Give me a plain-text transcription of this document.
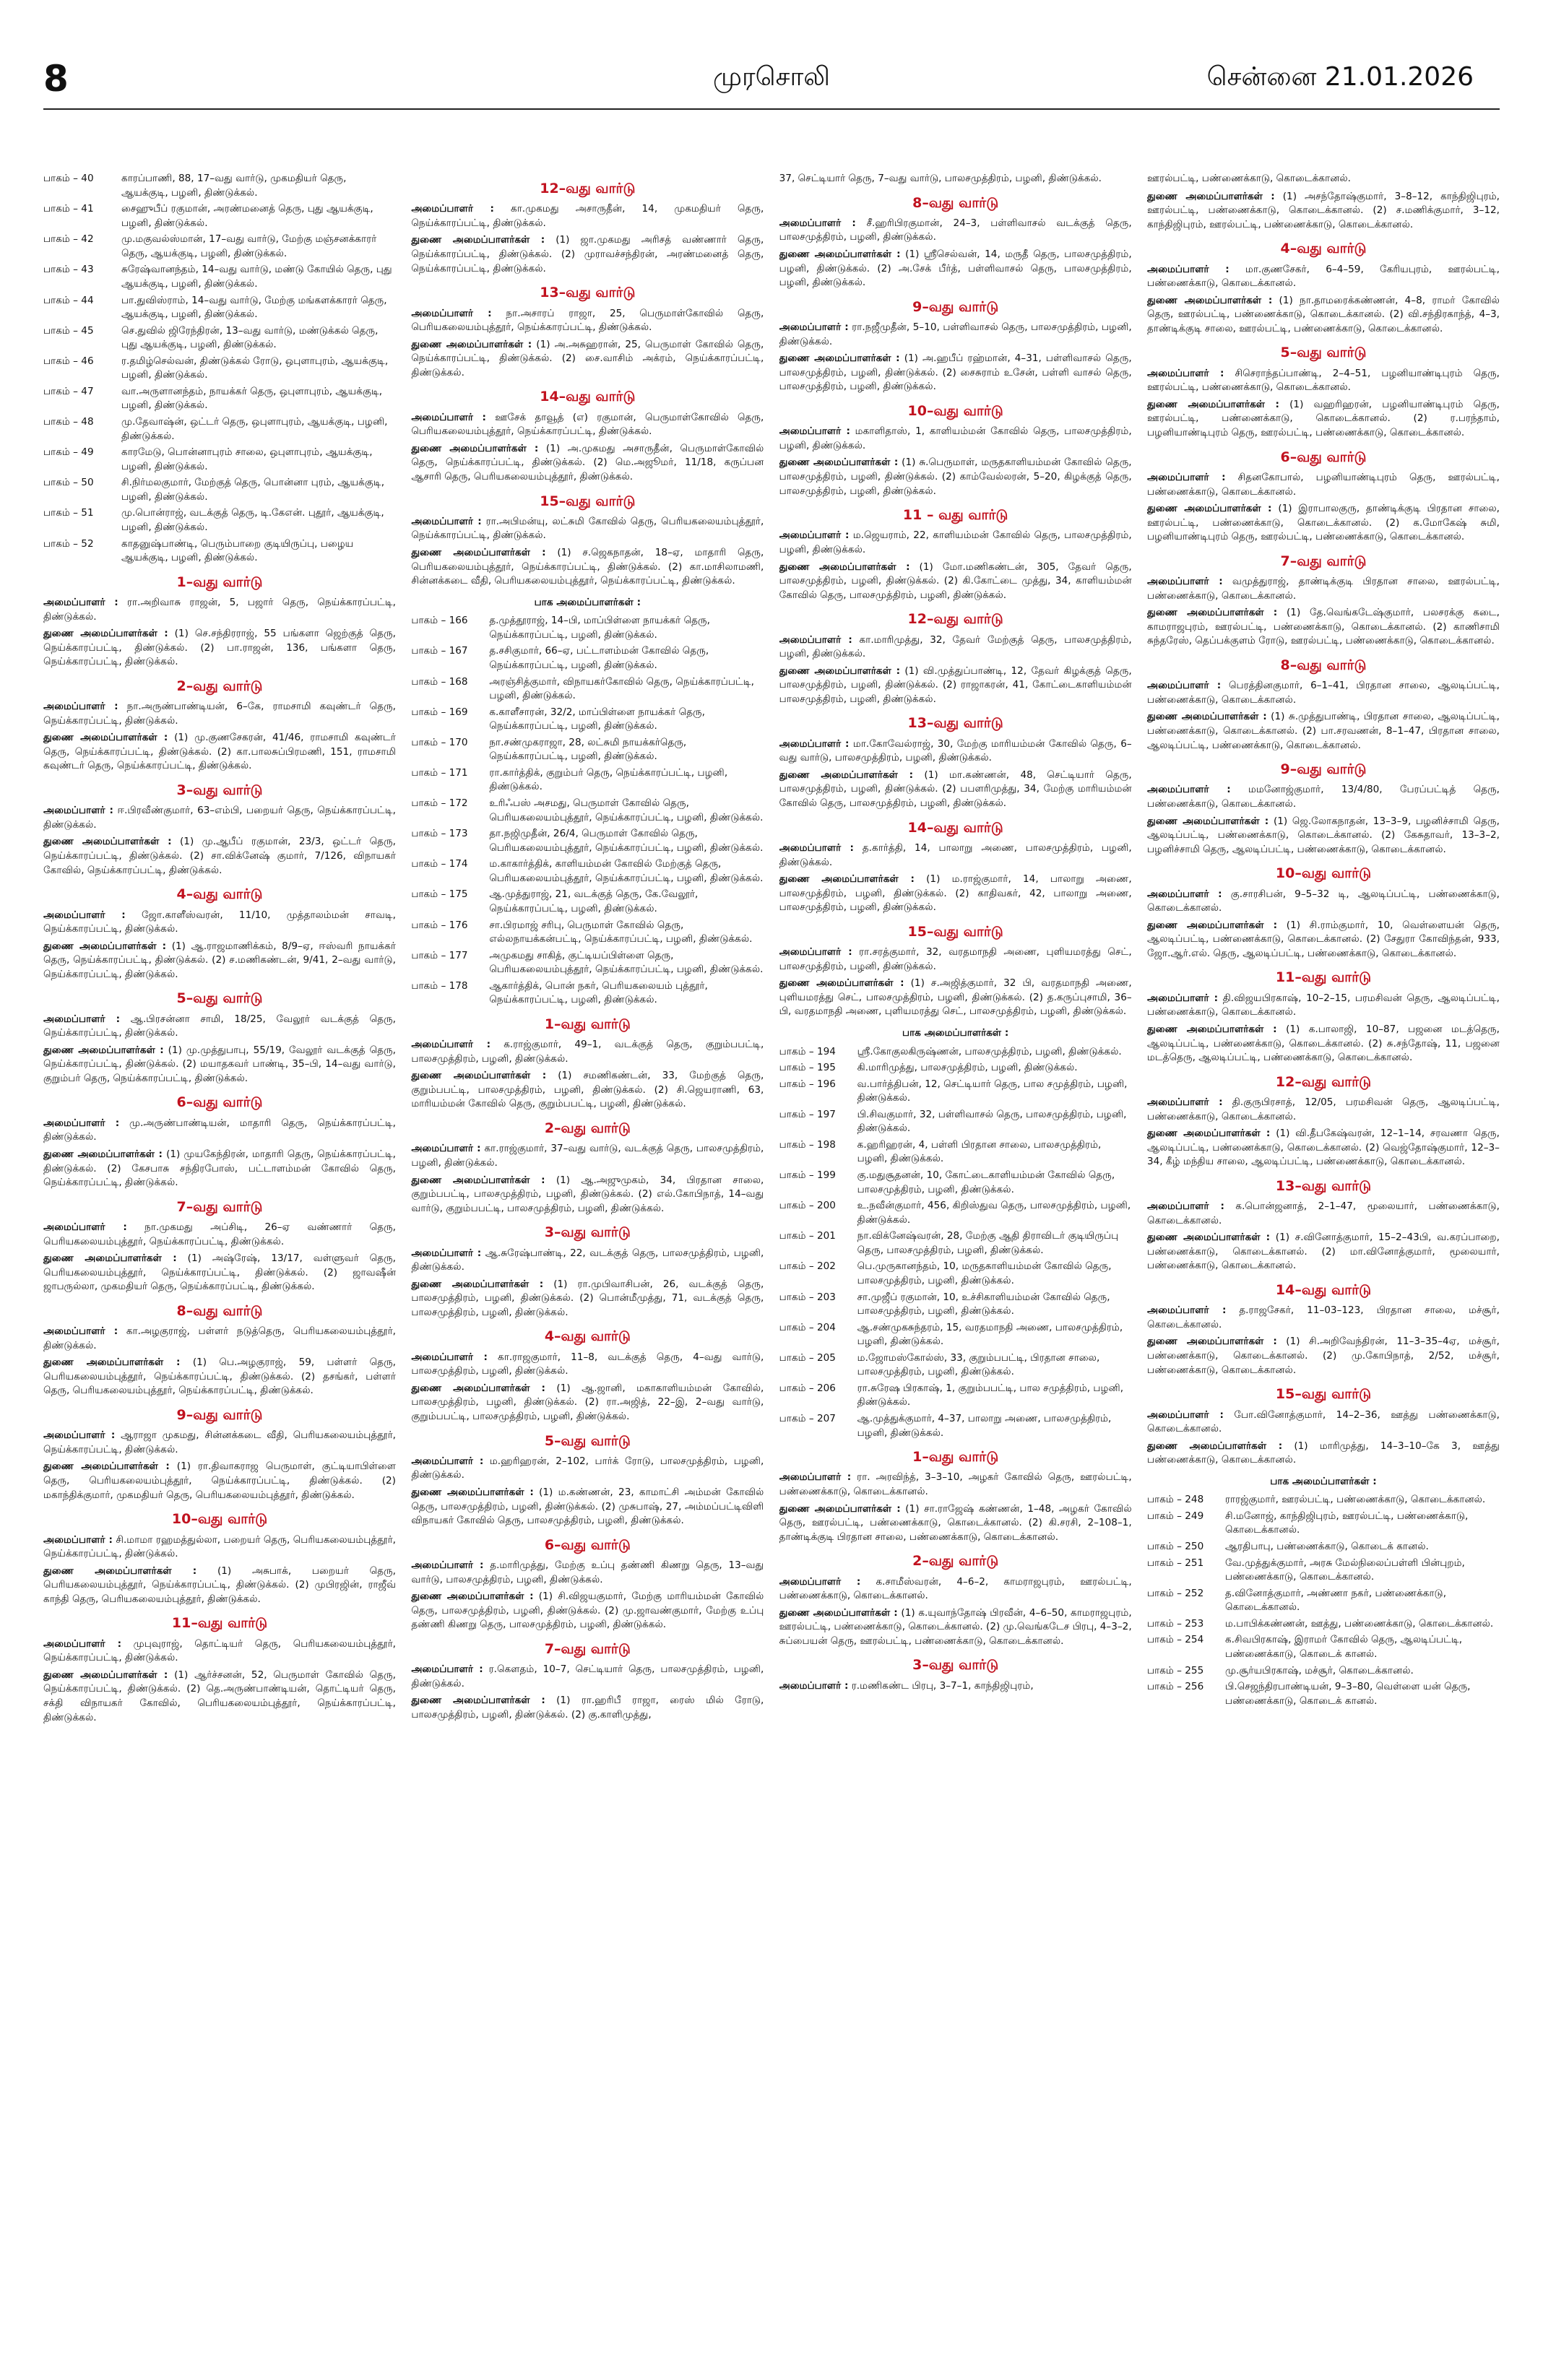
8	முரசொலி	சென்னை 21.01.2026
பாகம் – 40	காரப்பாணி, 88, 17–வது வார்டு, முகமதியர் தெரு, ஆயக்குடி, பழனி, திண்டுக்கல்.
பாகம் – 41	சைஹுபீப் ரகுமான், அரண்மனைத் தெரு, புது ஆயக்குடி, பழனி, திண்டுக்கல்.
பாகம் – 42	மு.மகுவல்ஸ்மான், 17–வது வார்டு, மேற்கு மஞ்சனக்காரர் தெரு, ஆயக்குடி, பழனி, திண்டுக்கல்.
பாகம் – 43	சுரேஷ்வானந்தம், 14–வது வார்டு, மண்டு கோயில் தெரு, புது ஆயக்குடி, பழனி, திண்டுக்கல்.
பாகம் – 44	பா.துவிஸ்ராம், 14–வது வார்டு, மேற்கு மங்களக்காரர் தெரு, ஆயக்குடி, பழனி, திண்டுக்கல்.
பாகம் – 45	செ.துவில் ஜிரேந்திரன், 13–வது வார்டு, மண்டுக்கல் தெரு, புது ஆயக்குடி, பழனி, திண்டுக்கல்.
பாகம் – 46	ர.தமிழ்செல்வன், திண்டுக்கல் ரோடு, ஒபுளாபுரம், ஆயக்குடி, பழனி, திண்டுக்கல்.
பாகம் – 47	வா.அருளானந்தம், நாயக்கர் தெரு, ஒபுளாபுரம், ஆயக்குடி, பழனி, திண்டுக்கல்.
பாகம் – 48	மு.தேவாஷ்ன், ஒட்டர் தெரு, ஒபுளாபுரம், ஆயக்குடி, பழனி, திண்டுக்கல்.
பாகம் – 49	காரமேடு, பொன்னாபுரம் சாலை, ஒபுளாபுரம், ஆயக்குடி, பழனி, திண்டுக்கல்.
பாகம் – 50	சி.நிர்மலகுமார், மேற்குத் தெரு, பொன்னா புரம், ஆயக்குடி, பழனி, திண்டுக்கல்.
பாகம் – 51	மு.பொன்ராஜ், வடக்குத் தெரு, டி.கேஎன். புதூர், ஆயக்குடி, பழனி, திண்டுக்கல்.
பாகம் – 52	காதனுஷ்பாண்டி, பெரும்பாறை குடியிருப்பு, பழைய ஆயக்குடி, பழனி, திண்டுக்கல்.
1–வது வார்டு

அமைப்பாளர் : ரா.அறிவாசு ராஜன், 5, பஜார் தெரு, நெய்க்காரப்பட்டி, திண்டுக்கல்.

துணை அமைப்பாளர்கள் : (1) செ.சந்திரராஜ், 55 பங்களா ஜெற்குத் தெரு, நெய்க்காரப்பட்டி, திண்டுக்கல். (2) பா.ராஜன், 136, பங்களா தெரு, நெய்க்காரப்பட்டி, திண்டுக்கல்.

2–வது வார்டு

அமைப்பாளர் : நா.அருண்பாண்டியன், 6–கே, ராமசாமி கவுண்டர் தெரு, நெய்க்காரப்பட்டி, திண்டுக்கல்.

துணை அமைப்பாளர்கள் : (1) மு.குணசேகரன், 41/46, ராமசாமி கவுண்டர் தெரு, நெய்க்காரப்பட்டி, திண்டுக்கல். (2) கா.பாலசுப்பிரமணி, 151, ராமசாமி கவுண்டர் தெரு, நெய்க்காரப்பட்டி, திண்டுக்கல்.

3–வது வார்டு

அமைப்பாளர் : ஈ.பிரவீண்குமார், 63–எம்பி, பறையர் தெரு, நெய்க்காரப்பட்டி, திண்டுக்கல்.

துணை அமைப்பாளர்கள் : (1) மு.ஆபீப் ரகுமான், 23/3, ஒட்டர் தெரு, நெய்க்காரப்பட்டி, திண்டுக்கல். (2) சா.விக்னேஷ் குமார், 7/126, விநாயகர் கோவில், நெய்க்காரப்பட்டி, திண்டுக்கல்.

4–வது வார்டு

அமைப்பாளர் : ஜோ.காளீஸ்வரன், 11/10, முத்தாலம்மன் சாவடி, நெய்க்காரப்பட்டி, திண்டுக்கல்.

துணை அமைப்பாளர்கள் : (1) ஆ.ராஜமாணிக்கம், 8/9–ஏ, ஈஸ்வரி நாயக்கர் தெரு, நெய்க்காரப்பட்டி, திண்டுக்கல். (2) ச.மணிகண்டன், 9/41, 2–வது வார்டு, நெய்க்காரப்பட்டி, திண்டுக்கல்.

5–வது வார்டு

அமைப்பாளர் : ஆ.பிரசன்னா சாமி, 18/25, வேலூர் வடக்குத் தெரு, நெய்க்காரப்பட்டி, திண்டுக்கல்.

துணை அமைப்பாளர்கள் : (1) மு.முத்துபாபு, 55/19, வேலூர் வடக்குத் தெரு, நெய்க்காரப்பட்டி, திண்டுக்கல். (2) மயாதகவர் பாண்டி, 35–பி, 14–வது வார்டு, குறும்பர் தெரு, நெய்க்காரப்பட்டி, திண்டுக்கல்.

6–வது வார்டு

அமைப்பாளர் : மு.அருண்பாண்டியன், மாதாரி தெரு, நெய்க்காரப்பட்டி, திண்டுக்கல்.

துணை அமைப்பாளர்கள் : (1) முயகேந்திரன், மாதாரி தெரு, நெய்க்காரப்பட்டி, திண்டுக்கல். (2) கேசபாசு சந்திரபோஸ், பட்டாளம்மன் கோவில் தெரு, நெய்க்காரப்பட்டி, திண்டுக்கல்.

7–வது வார்டு

அமைப்பாளர் : நா.முகமது அப்சிடி, 26–ஏ வண்ணார் தெரு, பெரியகலையம்புத்தூர், நெய்க்காரப்பட்டி, திண்டுக்கல்.

துணை அமைப்பாளர்கள் : (1) அஷ்ரேஷ், 13/17, வள்ளுவர் தெரு, பெரியகலையம்புத்தூர், நெய்க்காரப்பட்டி, திண்டுக்கல். (2) ஜாவஷீன் ஜாபருல்லா, முகமதியர் தெரு, நெய்க்காரப்பட்டி, திண்டுக்கல்.

8–வது வார்டு

அமைப்பாளர் : கா.அழகுராஜ், பள்ளர் நடுத்தெரு, பெரியகலையம்புத்தூர், திண்டுக்கல்.

துணை அமைப்பாளர்கள் : (1) பெ.அழகுராஜ், 59, பள்ளர் தெரு, பெரியகலையம்புத்தூர், நெய்க்காரப்பட்டி, திண்டுக்கல். (2) தசங்கர், பள்ளர் தெரு, பெரியகலையம்புத்தூர், நெய்க்காரப்பட்டி, திண்டுக்கல்.

9–வது வார்டு

அமைப்பாளர் : ஆராஜா முகமது, சின்னக்கடை வீதி, பெரியகலையம்புத்தூர், நெய்க்காரப்பட்டி, திண்டுக்கல்.

துணை அமைப்பாளர்கள் : (1) ரா.திவாகராஜ பெருமாள், குட்டியாபிள்ளை தெரு, பெரியகலையம்புத்தூர், நெய்க்காரப்பட்டி, திண்டுக்கல். (2) மகாந்திக்குமார், முகமதியர் தெரு, பெரியகலையம்புத்தூர், திண்டுக்கல்.

10–வது வார்டு

அமைப்பாளர் : சி.மாமா ரஹமத்துல்லா, பறையர் தெரு, பெரியகலையம்புத்தூர், நெய்க்காரப்பட்டி, திண்டுக்கல்.

துணை அமைப்பாளர்கள் : (1) அசுபாக், பறையர் தெரு, பெரியகலையம்புத்தூர், நெய்க்காரப்பட்டி, திண்டுக்கல். (2) முபிரஜின், ராஜீவ் காந்தி தெரு, பெரியகலையம்புத்தூர், திண்டுக்கல்.

11–வது வார்டு

அமைப்பாளர் : முபுவுராஜ், தொட்டியர் தெரு, பெரியகலையம்புத்தூர், நெய்க்காரப்பட்டி, திண்டுக்கல்.

துணை அமைப்பாளர்கள் : (1) ஆர்ச்சனன், 52, பெருமாள் கோவில் தெரு, நெய்க்காரப்பட்டி, திண்டுக்கல். (2) தெ.அருண்பாண்டியன், தொட்டியர் தெரு, சக்தி விநாயகர் கோவில், பெரியகலையம்புத்தூர், நெய்க்காரப்பட்டி, திண்டுக்கல்.

12–வது வார்டு

அமைப்பாளர் : கா.முகமது அசாருதீன், 14, முகமதியர் தெரு, நெய்க்காரப்பட்டி, திண்டுக்கல்.

துணை அமைப்பாளர்கள் : (1) ஜா.முகமது அரிசத் வண்ணார் தெரு, நெய்க்காரப்பட்டி, திண்டுக்கல். (2) முராவச்சந்திரன், அரண்மனைத் தெரு, நெய்க்காரப்பட்டி, திண்டுக்கல்.

13–வது வார்டு

அமைப்பாளர் : நா.அசாரப் ராஜா, 25, பெருமாள்கோவில் தெரு, பெரியகலையம்புத்தூர், நெய்க்காரப்பட்டி, திண்டுக்கல்.

துணை அமைப்பாளர்கள் : (1) அ.அசுஹரான், 25, பெருமாள் கோவில் தெரு, நெய்க்காரப்பட்டி, திண்டுக்கல். (2) சை.வாசிம் அக்ரம், நெய்க்காரப்பட்டி, திண்டுக்கல்.

14–வது வார்டு

அமைப்பாளர் : ஊசேக் தாவூத் (எ) ரகுமான், பெருமாள்கோவில் தெரு, பெரியகலையம்புத்தூர், நெய்க்காரப்பட்டி, திண்டுக்கல்.

துணை அமைப்பாளர்கள் : (1) அ.முகமது அசாருதீன், பெருமாள்கோவில் தெரு, நெய்க்காரப்பட்டி, திண்டுக்கல். (2) மெ.அஜூமர், 11/18, கருப்பன ஆசாரி தெரு, பெரியகலையம்புத்தூர், திண்டுக்கல்.

15–வது வார்டு

அமைப்பாளர் : ரா.அபிமன்யு, லட்சுமி கோவில் தெரு, பெரியகலையம்புத்தூர், நெய்க்காரப்பட்டி, திண்டுக்கல்.

துணை அமைப்பாளர்கள் : (1) ச.ஜெகநாதன், 18–ஏ, மாதாரி தெரு, பெரியகலையம்புத்தூர், நெய்க்காரப்பட்டி, திண்டுக்கல். (2) கா.மாசிலாமணி, சின்னக்கடை வீதி, பெரியகலையம்புத்தூர், நெய்க்காரப்பட்டி, திண்டுக்கல்.

பாக அமைப்பாளர்கள் :
பாகம் – 166	த.முத்தூராஜ், 14–பி, மாப்பிள்ளை நாயக்கர் தெரு, நெய்க்காரப்பட்டி, பழனி, திண்டுக்கல்.
பாகம் – 167	த.சசிகுமார், 66–ஏ, பட்டாளம்மன் கோவில் தெரு, நெய்க்காரப்பட்டி, பழனி, திண்டுக்கல்.
பாகம் – 168	அரஞ்சித்குமார், விநாயகர்கோவில் தெரு, நெய்க்காரப்பட்டி, பழனி, திண்டுக்கல்.
பாகம் – 169	க.காளீசாரன், 32/2, மாப்பிள்ளை நாயக்கர் தெரு, நெய்க்காரப்பட்டி, பழனி, திண்டுக்கல்.
பாகம் – 170	நா.சண்முகராஜா, 28, லட்சுமி நாயக்கர்தெரு, நெய்க்காரப்பட்டி, பழனி, திண்டுக்கல்.
பாகம் – 171	ரா.கார்த்திக், குறும்பர் தெரு, நெய்க்காரப்பட்டி, பழனி, திண்டுக்கல்.
பாகம் – 172	உரிஃபஸ் அசமது, பெருமாள் கோவில் தெரு, பெரியகலையம்புத்தூர், நெய்க்காரப்பட்டி, பழனி, திண்டுக்கல்.
பாகம் – 173	தா.நஜிமுதீன், 26/4, பெருமாள் கோவில் தெரு, பெரியகலையம்புத்தூர், நெய்க்காரப்பட்டி, பழனி, திண்டுக்கல்.
பாகம் – 174	ம.காகார்த்திக், காளியம்மன் கோவில் மேற்குத் தெரு, பெரியகலையம்புத்தூர், நெய்க்காரப்பட்டி, பழனி, திண்டுக்கல்.
பாகம் – 175	ஆ.முத்துராஜ், 21, வடக்குத் தெரு, கே.வேலூர், நெய்க்காரப்பட்டி, பழனி, திண்டுக்கல்.
பாகம் – 176	சா.பிரமாஜ் சரிபு, பெருமாள் கோவில் தெரு, எல்லநாயக்கன்பட்டி, நெய்க்காரப்பட்டி, பழனி, திண்டுக்கல்.
பாகம் – 177	அமுகமது சாகித், குட்டியப்பிள்ளை தெரு, பெரியகலையம்புத்தூர், நெய்க்காரப்பட்டி, பழனி, திண்டுக்கல்.
பாகம் – 178	ஆகார்த்திக், பொன் நகர், பெரியகலையம் புத்தூர், நெய்க்காரப்பட்டி, பழனி, திண்டுக்கல்.
1–வது வார்டு

அமைப்பாளர் : க.ராஜ்குமார், 49–1, வடக்குத் தெரு, குறும்பபட்டி, பாலசமுத்திரம், பழனி, திண்டுக்கல்.

துணை அமைப்பாளர்கள் : (1) சமணிகண்டன், 33, மேற்குத் தெரு, குறும்பபட்டி, பாலசமுத்திரம், பழனி, திண்டுக்கல். (2) சி.ஜெயராணி, 63, மாரியம்மன் கோவில் தெரு, குறும்பபட்டி, பழனி, திண்டுக்கல்.

2–வது வார்டு

அமைப்பாளர் : கா.ராஜ்குமார், 37–வது வார்டு, வடக்குத் தெரு, பாலசமுத்திரம், பழனி, திண்டுக்கல்.

துணை அமைப்பாளர்கள் : (1) ஆ.அஜுமுகம், 34, பிரதான சாலை, குறும்பபட்டி, பாலசமுத்திரம், பழனி, திண்டுக்கல். (2) எல்.கோபிநாத், 14–வது வார்டு, குறும்பபட்டி, பாலசமுத்திரம், பழனி, திண்டுக்கல்.

3–வது வார்டு

அமைப்பாளர் : ஆ.சுரேஷ்பாண்டி, 22, வடக்குத் தெரு, பாலசமுத்திரம், பழனி, திண்டுக்கல்.

துணை அமைப்பாளர்கள் : (1) ரா.முபிவாசிபன், 26, வடக்குத் தெரு, பாலசமுத்திரம், பழனி, திண்டுக்கல். (2) பொன்மீமுத்து, 71, வடக்குத் தெரு, பாலசமுத்திரம், பழனி, திண்டுக்கல்.

4–வது வார்டு

அமைப்பாளர் : கா.ராஜகுமார், 11–8, வடக்குத் தெரு, 4–வது வார்டு, பாலசமுத்திரம், பழனி, திண்டுக்கல்.

துணை அமைப்பாளர்கள் : (1) ஆ.ஜானி, மகாகாளியம்மன் கோவில், பாலசமுத்திரம், பழனி, திண்டுக்கல். (2) ரா.அஜித், 22–இ, 2–வது வார்டு, குறும்பபட்டி, பாலசமுத்திரம், பழனி, திண்டுக்கல்.

5–வது வார்டு

அமைப்பாளர் : ம.ஹரிஹரன், 2–102, பார்க் ரோடு, பாலசமுத்திரம், பழனி, திண்டுக்கல்.

துணை அமைப்பாளர்கள் : (1) ம.கண்ணன், 23, காமாட்சி அம்மன் கோவில் தெரு, பாலசமுத்திரம், பழனி, திண்டுக்கல். (2) முசுபாஷ், 27, அம்மப்பட்டிவிளி விநாயகர் கோவில் தெரு, பாலசமுத்திரம், பழனி, திண்டுக்கல்.

6–வது வார்டு

அமைப்பாளர் : த.மாரிமுத்து, மேற்கு உப்பு தண்ணி கிணறு தெரு, 13–வது வார்டு, பாலசமுத்திரம், பழனி, திண்டுக்கல்.

துணை அமைப்பாளர்கள் : (1) சி.விஜயகுமார், மேற்கு மாரியம்மன் கோவில் தெரு, பாலசமுத்திரம், பழனி, திண்டுக்கல். (2) மு.ஜாவண்குமார், மேற்கு உப்பு தண்ணி கிணறு தெரு, பாலசமுத்திரம், பழனி, திண்டுக்கல்.

7–வது வார்டு

அமைப்பாளர் : ர.கெளதம், 10–7, செட்டியார் தெரு, பாலசமுத்திரம், பழனி, திண்டுக்கல்.

துணை அமைப்பாளர்கள் : (1) ரா.ஹரிபீ ராஜா, ரைஸ் மில் ரோடு, பாலசமுத்திரம், பழனி, திண்டுக்கல். (2) கு.காளிமுத்து,

37, செட்டியார் தெரு, 7–வது வார்டு, பாலசமுத்திரம், பழனி, திண்டுக்கல்.

8–வது வார்டு

அமைப்பாளர் : சீ.ஹரிபிரகுமான், 24–3, பள்ளிவாசல் வடக்குத் தெரு, பாலசமுத்திரம், பழனி, திண்டுக்கல்.

துணை அமைப்பாளர்கள் : (1) ஸ்ரீசெல்வன், 14, மருதீ தெரு, பாலசமுத்திரம், பழனி, திண்டுக்கல். (2) அ.சேக் பீர்த், பள்ளிவாசல் தெரு, பாலசமுத்திரம், பழனி, திண்டுக்கல்.

9–வது வார்டு

அமைப்பாளர் : ரா.நஜீமுதீன், 5–10, பள்ளிவாசல் தெரு, பாலசமுத்திரம், பழனி, திண்டுக்கல்.

துணை அமைப்பாளர்கள் : (1) அ.ஹபீப் ரஹ்மான், 4–31, பள்ளிவாசல் தெரு, பாலசமுத்திரம், பழனி, திண்டுக்கல். (2) சைசுராம் உசேன், பள்ளி வாசல் தெரு, பாலசமுத்திரம், பழனி, திண்டுக்கல்.

10–வது வார்டு

அமைப்பாளர் : மகாளிதாஸ், 1, காளியம்மன் கோவில் தெரு, பாலசமுத்திரம், பழனி, திண்டுக்கல்.

துணை அமைப்பாளர்கள் : (1) சு.பெருமாள், மருதகாளியம்மன் கோவில் தெரு, பாலசமுத்திரம், பழனி, திண்டுக்கல். (2) காம்வேல்லரன், 5–20, கிழக்குத் தெரு, பாலசமுத்திரம், பழனி, திண்டுக்கல்.

11 – வது வார்டு

அமைப்பாளர் : ம.ஜெயராம், 22, காளியம்மன் கோவில் தெரு, பாலசமுத்திரம், பழனி, திண்டுக்கல்.

துணை அமைப்பாளர்கள் : (1) மோ.மணிகண்டன், 305, தேவர் தெரு, பாலசமுத்திரம், பழனி, திண்டுக்கல். (2) கி.கோட்டை முத்து, 34, காளியம்மன் கோவில் தெரு, பாலசமுத்திரம், பழனி, திண்டுக்கல்.

12–வது வார்டு

அமைப்பாளர் : கா.மாரிமுத்து, 32, தேவர் மேற்குத் தெரு, பாலசமுத்திரம், பழனி, திண்டுக்கல்.

துணை அமைப்பாளர்கள் : (1) வி.முத்துப்பாண்டி, 12, தேவர் கிழக்குத் தெரு, பாலசமுத்திரம், பழனி, திண்டுக்கல். (2) ராஜாகரன், 41, கோட்டைகாளியம்மன் பாலசமுத்திரம், பழனி, திண்டுக்கல்.

13–வது வார்டு

அமைப்பாளர் : மா.கோவேல்ராஜ், 30, மேற்கு மாரியம்மன் கோவில் தெரு, 6–வது வார்டு, பாலசமுத்திரம், பழனி, திண்டுக்கல்.

துணை அமைப்பாளர்கள் : (1) மா.கண்ணன், 48, செட்டியார் தெரு, பாலசமுத்திரம், பழனி, திண்டுக்கல். (2) பபளரிமுத்து, 34, மேற்கு மாரியம்மன் கோவில் தெரு, பாலசமுத்திரம், பழனி, திண்டுக்கல்.

14–வது வார்டு

அமைப்பாளர் : த.கார்த்தி, 14, பாலாறு அணை, பாலசமுத்திரம், பழனி, திண்டுக்கல்.

துணை அமைப்பாளர்கள் : (1) ம.ராஜ்குமார், 14, பாலாறு அணை, பாலசமுத்திரம், பழனி, திண்டுக்கல். (2) காதிவகர், 42, பாலாறு அணை, பாலசமுத்திரம், பழனி, திண்டுக்கல்.

15–வது வார்டு

அமைப்பாளர் : ரா.சரத்குமார், 32, வரதமாநதி அணை, புளியமரத்து செட், பாலசமுத்திரம், பழனி, திண்டுக்கல்.

துணை அமைப்பாளர்கள் : (1) ச.அஜித்குமார், 32 பி, வரதமாநதி அணை, புளியமரத்து செட், பாலசமுத்திரம், பழனி, திண்டுக்கல். (2) த.கருப்புசாமி, 36–பி, வரதமாநதி அணை, புளியமரத்து செட், பாலசமுத்திரம், பழனி, திண்டுக்கல்.

பாக அமைப்பாளர்கள் :
பாகம் – 194	ஸ்ரீ.கோகுலகிருஷ்ணன், பாலசமுத்திரம், பழனி, திண்டுக்கல்.
பாகம் – 195	கி.மாரிமுத்து, பாலசமுத்திரம், பழனி, திண்டுக்கல்.
பாகம் – 196	வ.பார்த்திபன், 12, செட்டியார் தெரு, பால சமுத்திரம், பழனி, திண்டுக்கல்.
பாகம் – 197	பி.சிவகுமார், 32, பள்ளிவாசல் தெரு, பாலசமுத்திரம், பழனி, திண்டுக்கல்.
பாகம் – 198	க.ஹரிஹரன், 4, பள்ளி பிரதான சாலை, பாலசமுத்திரம், பழனி, திண்டுக்கல்.
பாகம் – 199	கு.மதுசூதனன், 10, கோட்டைகாளியம்மன் கோவில் தெரு, பாலசமுத்திரம், பழனி, திண்டுக்கல்.
பாகம் – 200	உ.நவீன்குமார், 456, கிறிஸ்துவ தெரு, பாலசமுத்திரம், பழனி, திண்டுக்கல்.
பாகம் – 201	நா.விக்னேஷ்வரன், 28, மேற்கு ஆதி திராவிடர் குடியிருப்பு தெரு, பாலசமுத்திரம், பழனி, திண்டுக்கல்.
பாகம் – 202	பெ.முருகானந்தம், 10, மருதகாளியம்மன் கோவில் தெரு, பாலசமுத்திரம், பழனி, திண்டுக்கல்.
பாகம் – 203	சா.முஜீப் ரகுமான், 10, உச்சிகாளியம்மன் கோவில் தெரு, பாலசமுத்திரம், பழனி, திண்டுக்கல்.
பாகம் – 204	ஆ.சண்முகசுந்தரம், 15, வரதமாநதி அணை, பாலசமுத்திரம், பழனி, திண்டுக்கல்.
பாகம் – 205	ம.ஜோமஸ்கோல்ஸ், 33, குறும்பபட்டி, பிரதான சாலை, பாலசமுத்திரம், பழனி, திண்டுக்கல்.
பாகம் – 206	ரா.சுரேஷ பிரகாஷ், 1, குறும்பபட்டி, பால சமுத்திரம், பழனி, திண்டுக்கல்.
பாகம் – 207	ஆ.முத்துக்குமார், 4–37, பாலாறு அணை, பாலசமுத்திரம், பழனி, திண்டுக்கல்.
1–வது வார்டு

அமைப்பாளர் : ரா. அரவிந்த், 3–3–10, அழகர் கோவில் தெரு, ஊரல்பட்டி, பண்ணைக்காடு, கொடைக்கானல்.

துணை அமைப்பாளர்கள் : (1) சா.ராஜேஷ் கண்ணன், 1–48, அழகர் கோவில் தெரு, ஊரல்பட்டி, பண்ணைக்காடு, கொடைக்கானல். (2) கி.சரசி, 2–108–1, தாண்டிக்குடி பிரதான சாலை, பண்ணைக்காடு, கொடைக்கானல்.

2–வது வார்டு

அமைப்பாளர் : க.சாமீஸ்வரன், 4–6–2, காமராஜபுரம், ஊரல்பட்டி, பண்ணைக்காடு, கொடைக்கானல்.

துணை அமைப்பாளர்கள் : (1) க.யுவாந்தோஷ் பிரவீன், 4–6–50, காமராஜபுரம், ஊரல்பட்டி, பண்ணைக்காடு, கொடைக்கானல். (2) மு.வெங்கடேச பிரபு, 4–3–2, சுப்பையன் தெரு, ஊரல்பட்டி, பண்ணைக்காடு, கொடைக்கானல்.

3–வது வார்டு

அமைப்பாளர் : ர.மணிகண்ட பிரபு, 3–7–1, காந்திஜிபுரம்,

ஊரல்பட்டி, பண்ணைக்காடு, கொடைக்கானல்.

துணை அமைப்பாளர்கள் : (1) அசந்தோஷ்குமார், 3–8–12, காந்திஜிபுரம், ஊரல்பட்டி, பண்ணைக்காடு, கொடைக்கானல். (2) ச.மணிக்குமார், 3–12, காந்திஜிபுரம், ஊரல்பட்டி, பண்ணைக்காடு, கொடைக்கானல்.

4–வது வார்டு

அமைப்பாளர் : மா.குணசேகர், 6–4–59, கேரியபுரம், ஊரல்பட்டி, பண்ணைக்காடு, கொடைக்கானல்.

துணை அமைப்பாளர்கள் : (1) நா.தாமரைக்கண்ணன், 4–8, ராமர் கோவில் தெரு, ஊரல்பட்டி, பண்ணைக்காடு, கொடைக்கானல். (2) வி.சந்திரகாந்த், 4–3, தாண்டிக்குடி சாலை, ஊரல்பட்டி, பண்ணைக்காடு, கொடைக்கானல்.

5–வது வார்டு

அமைப்பாளர் : சிசெராந்தப்பாண்டி, 2–4–51, பழனியாண்டிபுரம் தெரு, ஊரல்பட்டி, பண்ணைக்காடு, கொடைக்கானல்.

துணை அமைப்பாளர்கள் : (1) வஹரிஹரன், பழனியாண்டிபுரம் தெரு, ஊரல்பட்டி, பண்ணைக்காடு, கொடைக்கானல். (2) ர.பரந்தாம், பழனியாண்டிபுரம் தெரு, ஊரல்பட்டி, பண்ணைக்காடு, கொடைக்கானல்.

6–வது வார்டு

அமைப்பாளர் : சிதனகோபால், பழனியாண்டிபுரம் தெரு, ஊரல்பட்டி, பண்ணைக்காடு, கொடைக்கானல்.

துணை அமைப்பாளர்கள் : (1) இராபாலகுரு, தாண்டிக்குடி பிரதான சாலை, ஊரல்பட்டி, பண்ணைக்காடு, கொடைக்கானல். (2) க.மோகேஷ் சுமி, பழனியாண்டிபுரம் தெரு, ஊரல்பட்டி, பண்ணைக்காடு, கொடைக்கானல்.

7–வது வார்டு

அமைப்பாளர் : வமுத்துராஜ், தாண்டிக்குடி பிரதான சாலை, ஊரல்பட்டி, பண்ணைக்காடு, கொடைக்கானல்.

துணை அமைப்பாளர்கள் : (1) தே.வெங்கடேஷ்குமார், பலசரக்கு கடை, காமராஜபுரம், ஊரல்பட்டி, பண்ணைக்காடு, கொடைக்கானல். (2) காணிசாமி சுந்தரேஸ், தெப்பக்குளம் ரோடு, ஊரல்பட்டி, பண்ணைக்காடு, கொடைக்கானல்.

8–வது வார்டு

அமைப்பாளர் : பெரத்தினகுமார், 6–1–41, பிரதான சாலை, ஆலடிப்பட்டி, பண்ணைக்காடு, கொடைக்கானல்.

துணை அமைப்பாளர்கள் : (1) சு.முத்துபாண்டி, பிரதான சாலை, ஆலடிப்பட்டி, பண்ணைக்காடு, கொடைக்கானல். (2) பா.சரவணன், 8–1–47, பிரதான சாலை, ஆலடிப்பட்டி, பண்ணைக்காடு, கொடைக்கானல்.

9–வது வார்டு

அமைப்பாளர் : மமனோஜ்குமார், 13/4/80, பேரப்பட்டித் தெரு, பண்ணைக்காடு, கொடைக்கானல்.

துணை அமைப்பாளர்கள் : (1) ஜெ.லோகநாதன், 13–3–9, பழனிச்சாமி தெரு, ஆலடிப்பட்டி, பண்ணைக்காடு, கொடைக்கானல். (2) கேசுதாவர், 13–3–2, பழனிச்சாமி தெரு, ஆலடிப்பட்டி, பண்ணைக்காடு, கொடைக்கானல்.

10–வது வார்டு

அமைப்பாளர் : கு.சாரசிபன், 9–5–32 டி, ஆலடிப்பட்டி, பண்ணைக்காடு, கொடைக்கானல்.

துணை அமைப்பாளர்கள் : (1) சி.ராம்குமார், 10, வெள்ளையன் தெரு, ஆலடிப்பட்டி, பண்ணைக்காடு, கொடைக்கானல். (2) சேதுரா கோவிந்தன், 933, ஜோ.ஆர்.எல். தெரு, ஆலடிப்பட்டி, பண்ணைக்காடு, கொடைக்கானல்.

11–வது வார்டு

அமைப்பாளர் : தி.விஜயபிரகாஷ், 10–2–15, பரமசிவன் தெரு, ஆலடிப்பட்டி, பண்ணைக்காடு, கொடைக்கானல்.

துணை அமைப்பாளர்கள் : (1) க.பாலாஜி, 10–87, பஜனை மடத்தெரு, ஆலடிப்பட்டி, பண்ணைக்காடு, கொடைக்கானல். (2) சு.சந்தோஷ், 11, பஜனை மடத்தெரு, ஆலடிப்பட்டி, பண்ணைக்காடு, கொடைக்கானல்.

12–வது வார்டு

அமைப்பாளர் : தி.குருபிரசாத், 12/05, பரமசிவன் தெரு, ஆலடிப்பட்டி, பண்ணைக்காடு, கொடைக்கானல்.

துணை அமைப்பாளர்கள் : (1) வி.தீபகேஷ்வரன், 12–1–14, சரவணா தெரு, ஆலடிப்பட்டி, பண்ணைக்காடு, கொடைக்கானல். (2) வெஜ்தோஷ்குமார், 12–3–34, கீழ் மந்திய சாலை, ஆலடிப்பட்டி, பண்ணைக்காடு, கொடைக்கானல்.

13–வது வார்டு

அமைப்பாளர் : க.பொன்ஜனாத், 2–1–47, மூலையார், பண்ணைக்காடு, கொடைக்கானல்.

துணை அமைப்பாளர்கள் : (1) ச.வினோத்குமார், 15–2–43பி, வ.கரப்பாறை, பண்ணைக்காடு, கொடைக்கானல். (2) மா.வினோத்குமார், மூலையார், பண்ணைக்காடு, கொடைக்கானல்.

14–வது வார்டு

அமைப்பாளர் : த.ராஜசேகர், 11–03–123, பிரதான சாலை, மச்சூர், கொடைக்கானல்.

துணை அமைப்பாளர்கள் : (1) சி.அறிவேந்திரன், 11–3–35–4ஏ, மச்சூர், பண்ணைக்காடு, கொடைக்கானல். (2) மு.கோபிநாத், 2/52, மச்சூர், பண்ணைக்காடு, கொடைக்கானல்.

15–வது வார்டு

அமைப்பாளர் : போ.வினோத்குமார், 14–2–36, ஊத்து பண்ணைக்காடு, கொடைக்கானல்.

துணை அமைப்பாளர்கள் : (1) மாரிமுத்து, 14–3–10–கே 3, ஊத்து பண்ணைக்காடு, கொடைக்கானல்.

பாக அமைப்பாளர்கள் :
பாகம் – 248	ராரஜ்குமார், ஊரல்பட்டி, பண்ணைக்காடு, கொடைக்கானல்.
பாகம் – 249	சி.மனோஜ், காந்திஜிபுரம், ஊரல்பட்டி, பண்ணைக்காடு, கொடைக்கானல்.
பாகம் – 250	ஆரதிபாபு, பண்ணைக்காடு, கொடைக் கானல்.
பாகம் – 251	வே.முத்துக்குமார், அரசு மேல்நிலைப்பள்ளி பின்புறம், பண்ணைக்காடு, கொடைக்கானல்.
பாகம் – 252	த.வினோத்குமார், அண்ணா நகர், பண்ணைக்காடு, கொடைக்கானல்.
பாகம் – 253	ம.பாபிக்கண்ணன், ஊத்து, பண்ணைக்காடு, கொடைக்கானல்.
பாகம் – 254	க.சிவபிரகாஷ், இராமர் கோவில் தெரு, ஆலடிப்பட்டி, பண்ணைக்காடு, கொடைக் கானல்.
பாகம் – 255	மு.சூர்யபிரகாஷ், மச்சூர், கொடைக்கானல்.
பாகம் – 256	பி.செஜந்திரபாண்டியன், 9–3–80, வெள்ளை யன் தெரு, பண்ணைக்காடு, கொடைக் கானல்.
